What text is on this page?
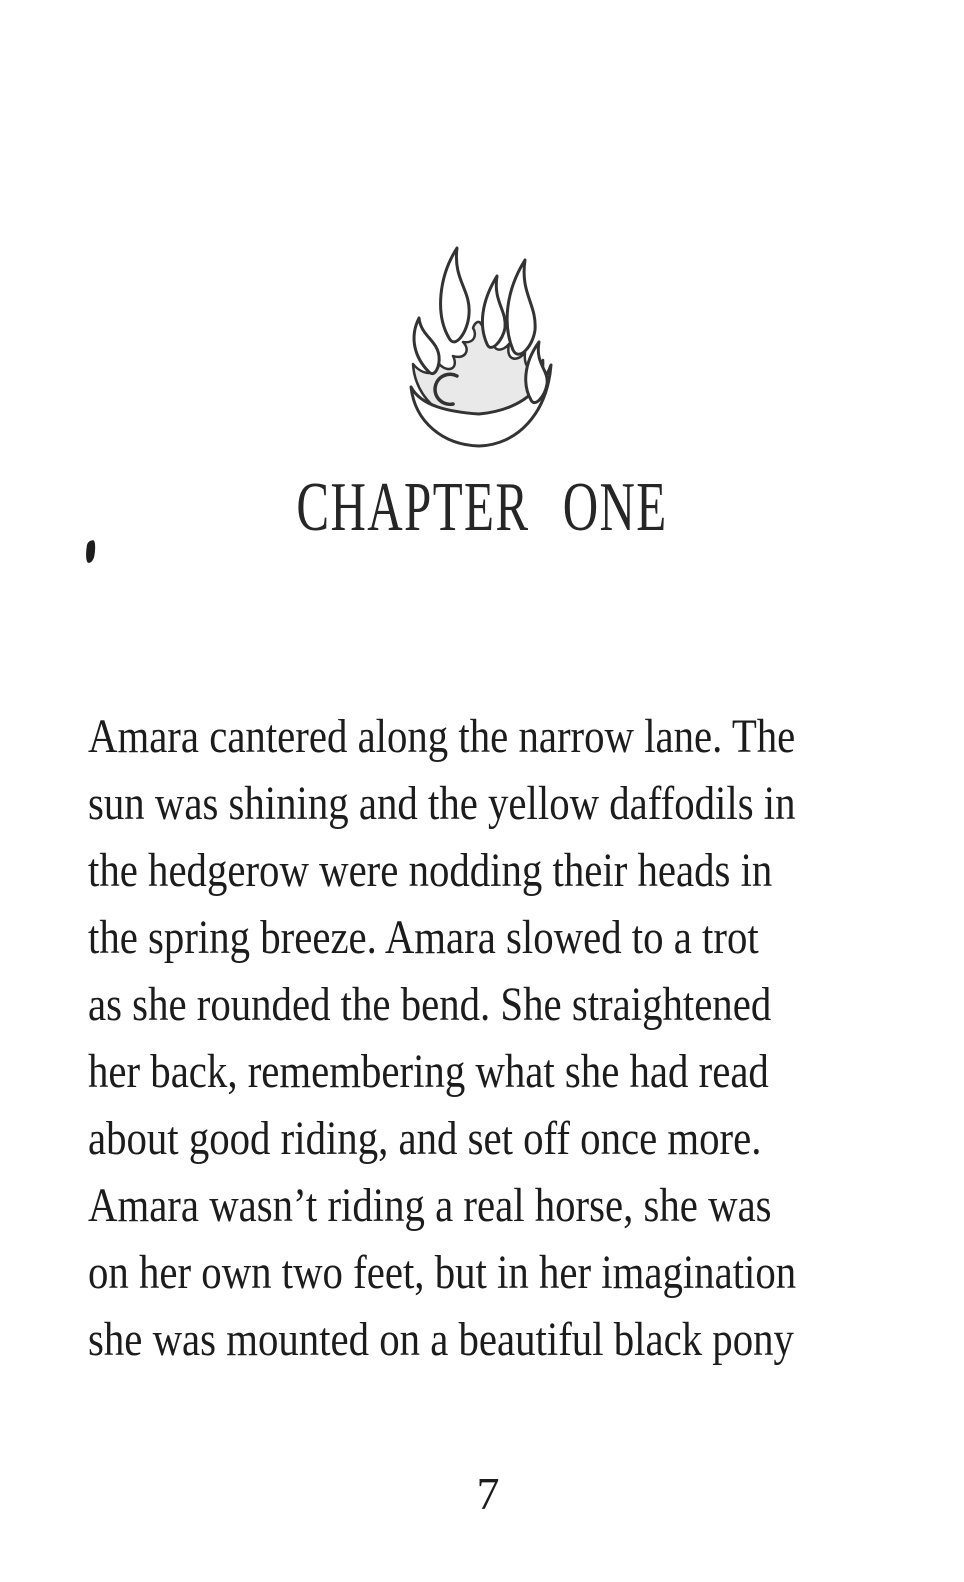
CHAPTER ONE
Amara cantered along the narrow lane. The
sun was shining and the yellow daffodils in
the hedgerow were nodding their heads in
the spring breeze. Amara slowed to a trot
as she rounded the bend. She straightened
her back, remembering what she had read
about good riding, and set off once more.
Amara wasn’t riding a real horse, she was
on her own two feet, but in her imagination
she was mounted on a beautiful black pony
7
